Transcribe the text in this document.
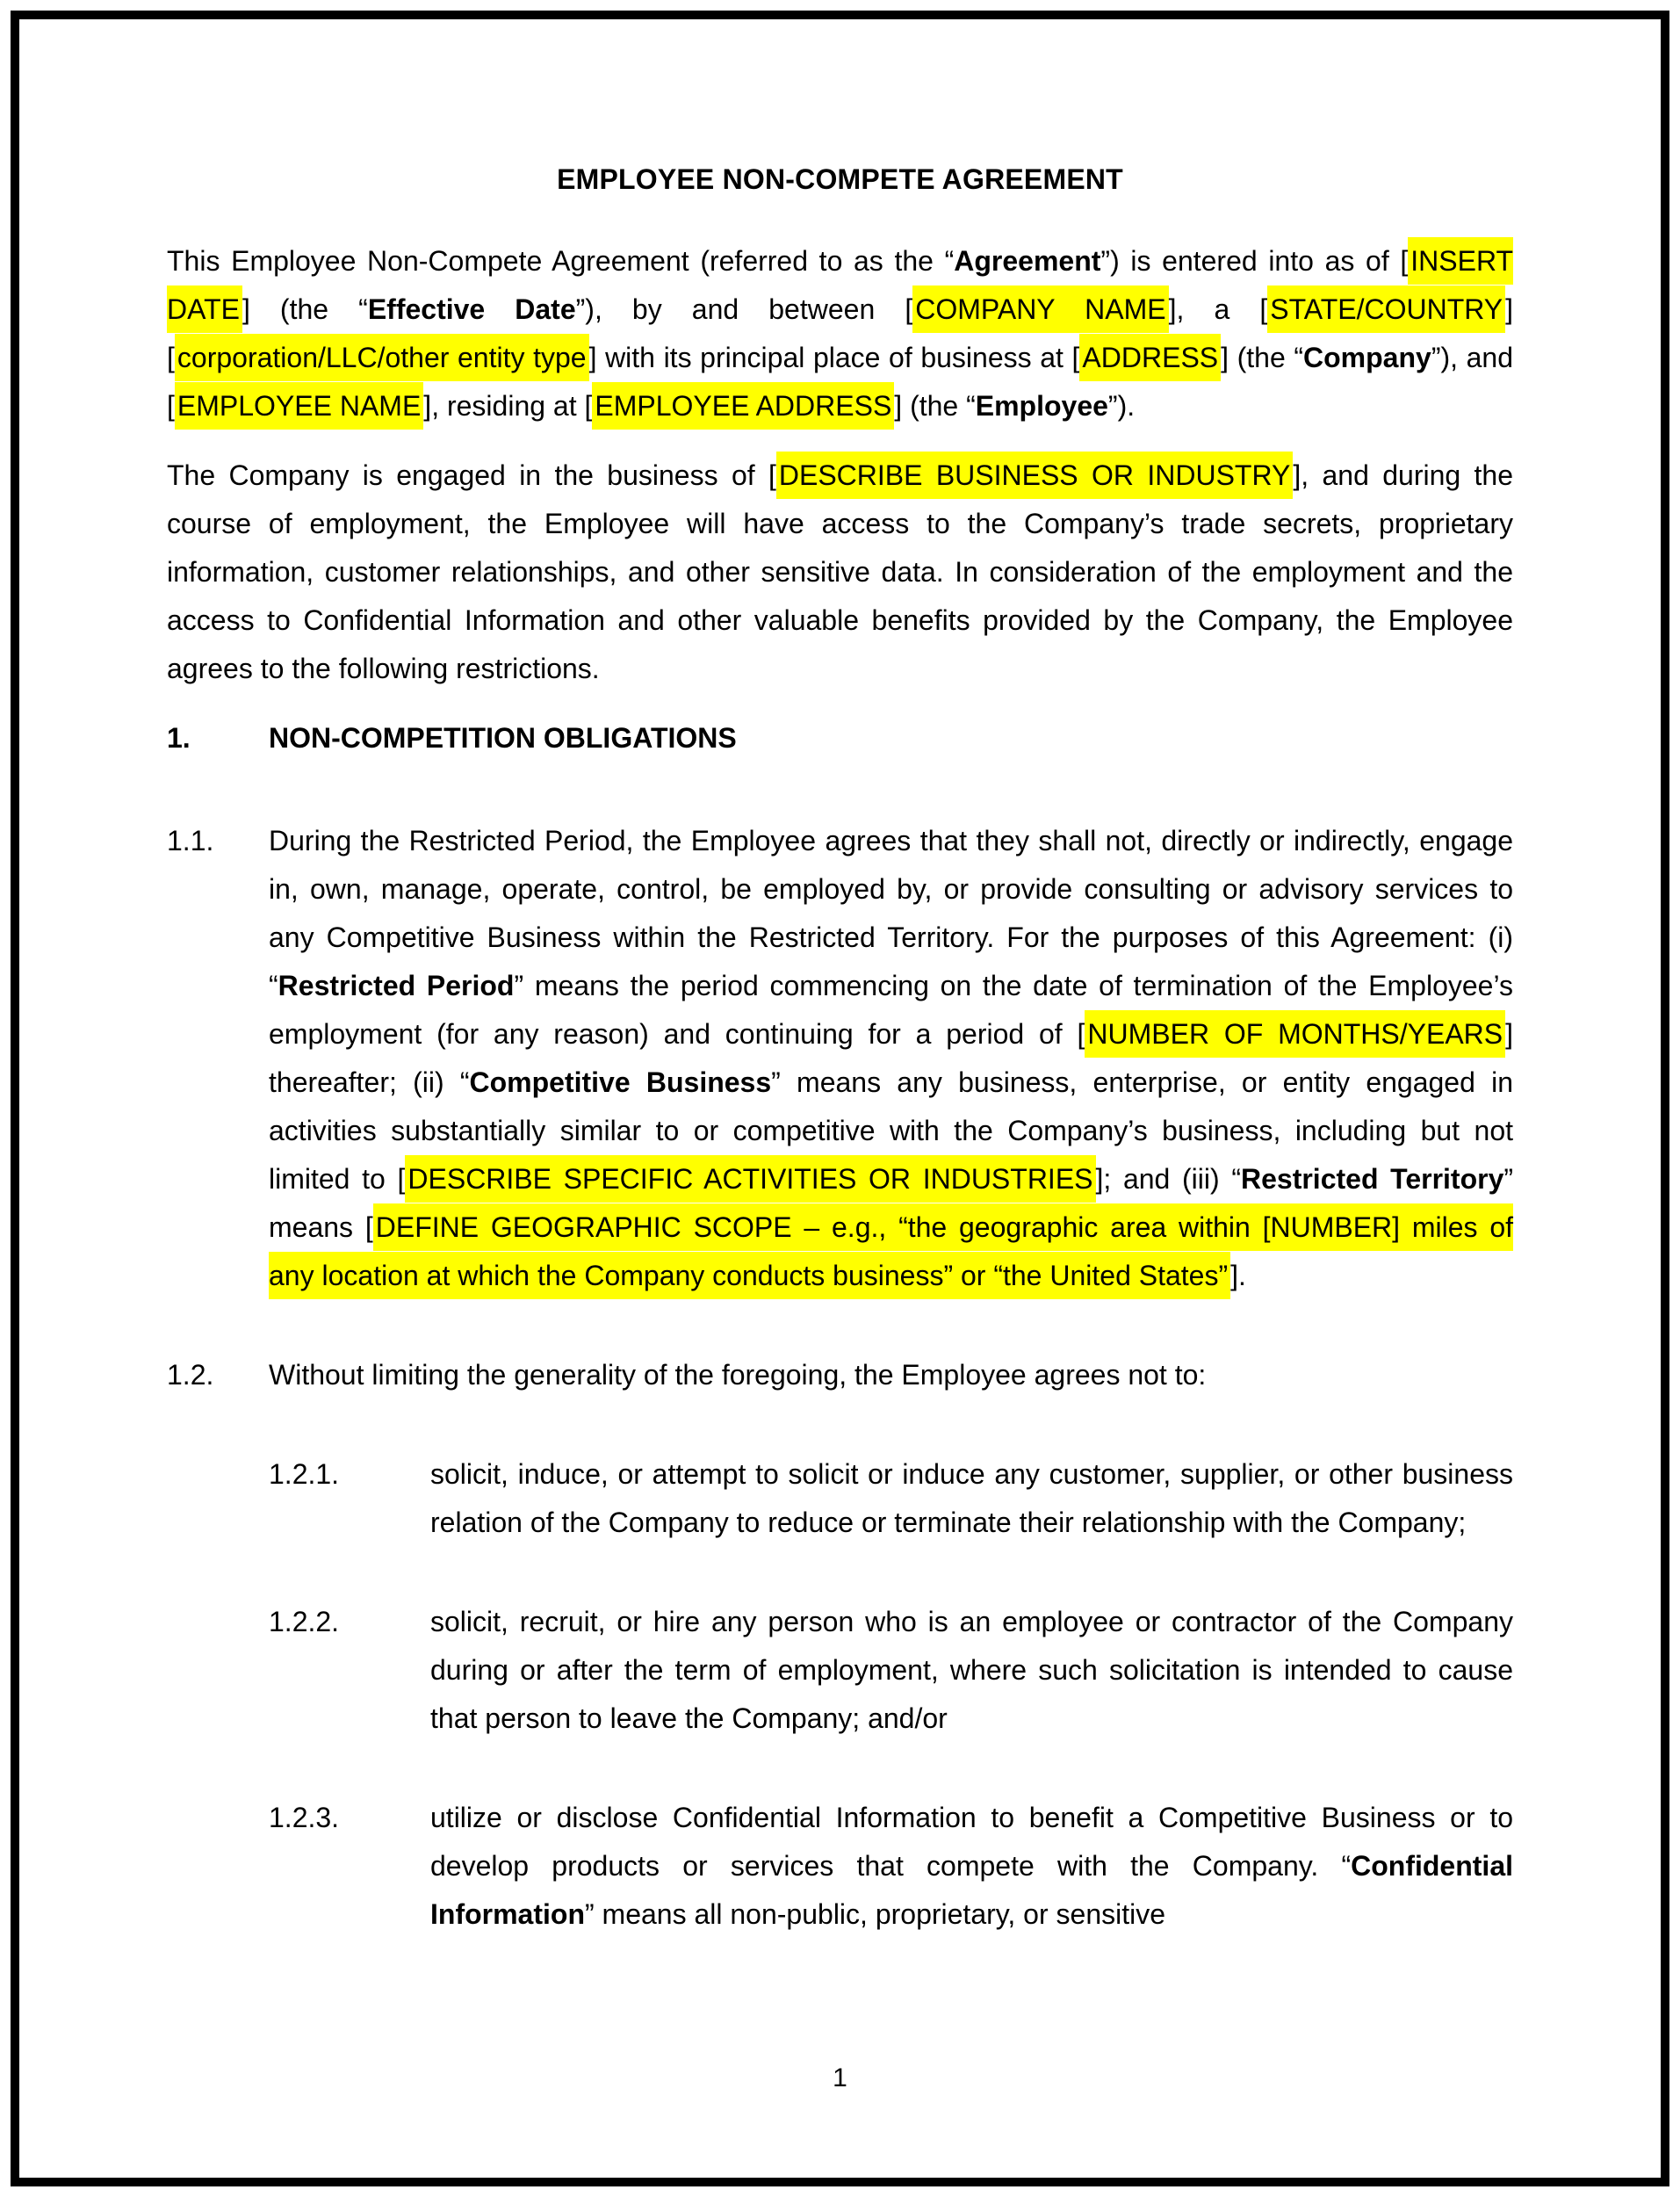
EMPLOYEE NON-COMPETE AGREEMENT

This Employee Non-Compete Agreement (referred to as the “Agreement”) is entered into as of [INSERT DATE] (the “Effective Date”), by and between [COMPANY NAME], a [STATE/COUNTRY] [corporation/LLC/other entity type] with its principal place of business at [ADDRESS] (the “Company”), and [EMPLOYEE NAME], residing at [EMPLOYEE ADDRESS] (the “Employee”).

The Company is engaged in the business of [DESCRIBE BUSINESS OR INDUSTRY], and during the course of employment, the Employee will have access to the Company’s trade secrets, proprietary information, customer relationships, and other sensitive data. In consideration of the employment and the access to Confidential Information and other valuable benefits provided by the Company, the Employee agrees to the following restrictions.

1.	NON-COMPETITION OBLIGATIONS
1.1.	During the Restricted Period, the Employee agrees that they shall not, directly or indirectly, engage in, own, manage, operate, control, be employed by, or provide consulting or advisory services to any Competitive Business within the Restricted Territory. For the purposes of this Agreement: (i) “Restricted Period” means the period commencing on the date of termination of the Employee’s employment (for any reason) and continuing for a period of [NUMBER OF MONTHS/YEARS] thereafter; (ii) “Competitive Business” means any business, enterprise, or entity engaged in activities substantially similar to or competitive with the Company’s business, including but not limited to [DESCRIBE SPECIFIC ACTIVITIES OR INDUSTRIES]; and (iii) “Restricted Territory” means [DEFINE GEOGRAPHIC SCOPE – e.g., “the geographic area within [NUMBER] miles of any location at which the Company conducts business” or “the United States”].
1.2.	Without limiting the generality of the foregoing, the Employee agrees not to:
1.2.1.	solicit, induce, or attempt to solicit or induce any customer, supplier, or other business relation of the Company to reduce or terminate their relationship with the Company;
1.2.2.	solicit, recruit, or hire any person who is an employee or contractor of the Company during or after the term of employment, where such solicitation is intended to cause that person to leave the Company; and/or
1.2.3.	utilize or disclose Confidential Information to benefit a Competitive Business or to develop products or services that compete with the Company. “Confidential Information” means all non-public, proprietary, or sensitive
1
